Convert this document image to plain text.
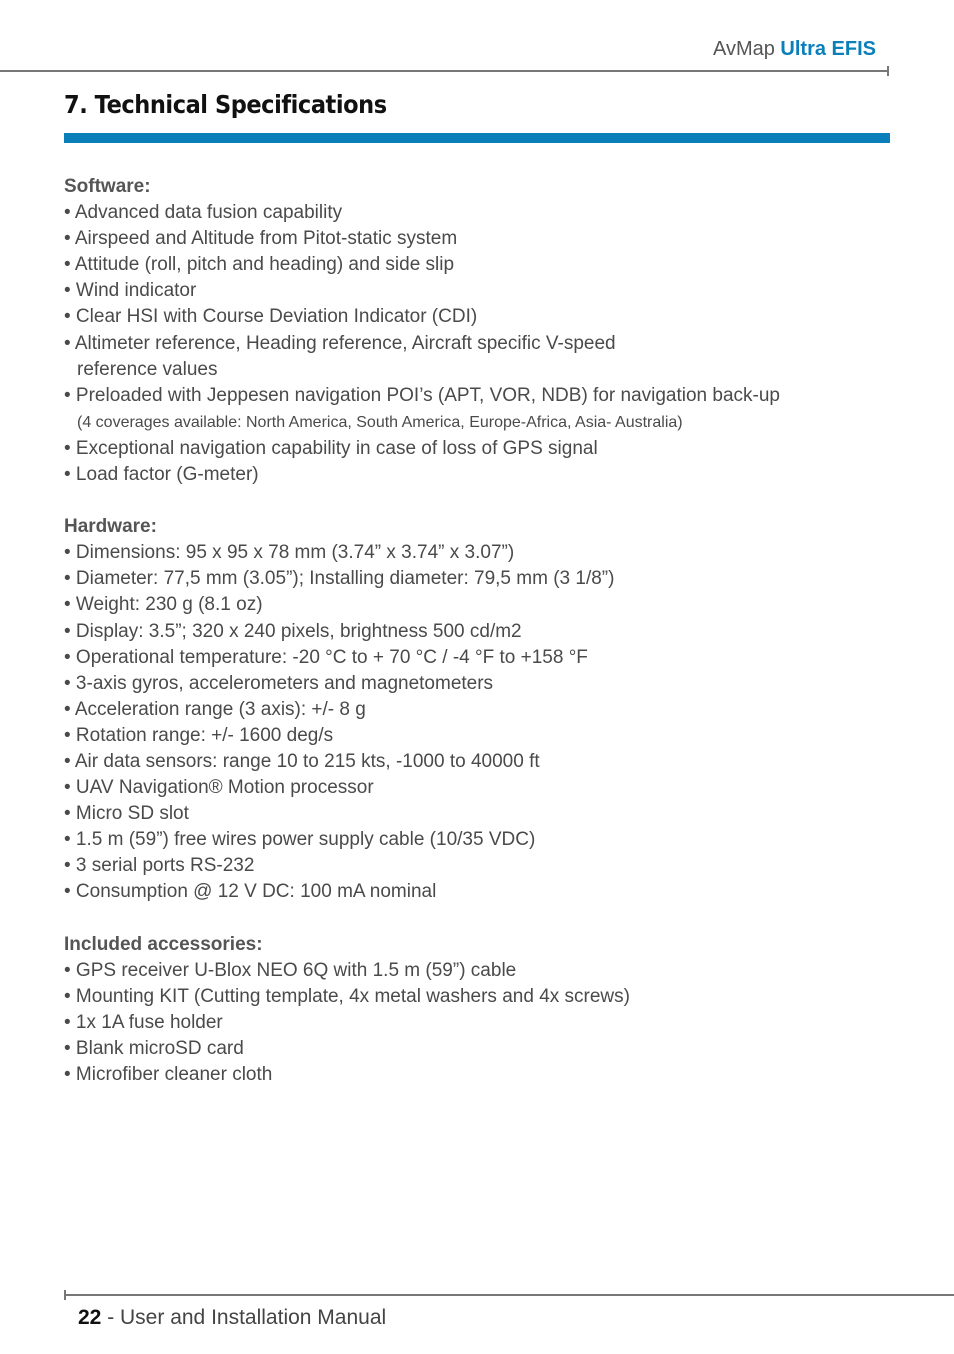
AvMap Ultra EFIS
7. Technical Specifications
Software:
• Advanced data fusion capability
• Airspeed and Altitude from Pitot-static system
• Attitude (roll, pitch and heading) and side slip
• Wind indicator
• Clear HSI with Course Deviation Indicator (CDI)
• Altimeter reference, Heading reference, Aircraft specific V-speed
reference values
• Preloaded with Jeppesen navigation POI’s (APT, VOR, NDB) for navigation back-up
(4 coverages available: North America, South America, Europe-Africa, Asia- Australia)
• Exceptional navigation capability in case of loss of GPS signal
• Load factor (G-meter)
Hardware:
• Dimensions: 95 x 95 x 78 mm (3.74” x 3.74” x 3.07”)
• Diameter: 77,5 mm (3.05”); Installing diameter: 79,5 mm (3 1/8”)
• Weight: 230 g (8.1 oz)
• Display: 3.5”; 320 x 240 pixels, brightness 500 cd/m2
• Operational temperature: -20 °C to + 70 °C / -4 °F to +158 °F
• 3-axis gyros, accelerometers and magnetometers
• Acceleration range (3 axis): +/- 8 g
• Rotation range: +/- 1600 deg/s
• Air data sensors: range 10 to 215 kts, -1000 to 40000 ft
• UAV Navigation® Motion processor
• Micro SD slot
• 1.5 m (59”) free wires power supply cable (10/35 VDC)
• 3 serial ports RS-232
• Consumption @ 12 V DC: 100 mA nominal
Included accessories:
• GPS receiver U-Blox NEO 6Q with 1.5 m (59”) cable
• Mounting KIT (Cutting template, 4x metal washers and 4x screws)
• 1x 1A fuse holder
• Blank microSD card
• Microfiber cleaner cloth
22 - User and Installation Manual
